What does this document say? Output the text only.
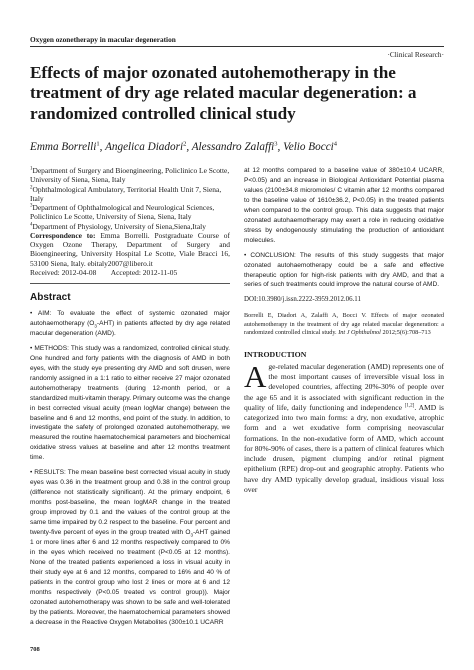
Oxygen ozonetherapy in macular degeneration
·Clinical Research·
Effects of major ozonated autohemotherapy in the treatment of dry age related macular degeneration: a randomized controlled clinical study
Emma Borrelli$^1$, Angelica Diadori$^2$, Alessandro Zalaffi$^3$, Velio Bocci$^4$

$^1$Department of Surgery and Bioengineering, Policlinico Le Scotte, University of Siena, Siena, Italy

$^2$Ophthalmological Ambulatory, Territorial Health Unit 7, Siena, Italy

$^3$Department of Ophthalmological and Neurological Sciences, Policlinico Le Scotte, University of Siena, Siena, Italy

$^4$Department of Physiology, University of Siena,Siena,Italy

Correspondence to: Emma Borrelli. Postgraduate Course of Oxygen Ozone Therapy, Department of Surgery and Bioengineering, University Hospital Le Scotte, Viale Bracci 16, 53100 Siena, Italy. ebitaly2007@libero.it

Received: 2012-04-08        Accepted: 2012-11-05

Abstract

• AIM: To evaluate the effect of systemic ozonated major autohaemotherapy $(O_3-AHT)$ in patients affected by dry age related macular degeneration (AMD).

• METHODS: This study was a randomized, controlled clinical study. One hundred and forty patients with the diagnosis of AMD in both eyes, with the study eye presenting dry AMD and soft drusen, were randomly assigned in a 1:1 ratio to either receive 27 major ozonated autohemotherapy treatments (during 12-month period, or a standardized multi-vitamin therapy. Primary outcome was the change in best corrected visual acuity (mean logMar change) between the baseline and 6 and 12 months, end point of the study. In addition, to investigate the safety of prolonged ozonated autohemotherapy, we measured the routine haematochemical parameters and biochemical oxidative stress values at baseline and after 12 months treatment time.

• RESULTS: The mean baseline best corrected visual acuity in study eyes was 0.36 in the treatment group and 0.38 in the control group (difference not statistically significant). At the primary endpoint, 6 months post-baseline, the mean logMAR change in the treated group improved by 0.1 and the values of the control group at the same time impaired by 0.2 respect to the baseline. Four percent and twenty-five percent of eyes in the group treated with $O_3$-AHT gained 1 or more lines after 6 and 12 months respectively compared to 0% in the eyes which received no treatment (P<0.05 at 12 months). None of the treated patients experienced a loss in visual acuity in their study eye at 6 and 12 months, compared to 16% and 40 % of patients in the control group who lost 2 lines or more at 6 and 12 months respectively (P<0.05 treated vs control group)). Major ozonated autohemotherapy was shown to be safe and well-tolerated by the patients. Moreover, the haematochemical parameters showed a decrease in the Reactive Oxygen Metabolites (300±10.1 UCARR

at 12 months compared to a baseline value of 380±10.4 UCARR, P<0.05) and an increase in Biological Antioxidant Potential plasma values (2100±34.8 micromoles/ C vitamin after 12 months compared to the baseline value of 1610±36.2, P<0.05) in the treated patients when compared to the control group. This data suggests that major ozonated autohaemotherapy may exert a role in reducing oxidative stress by endogenously stimulating the production of antioxidant molecules.

• CONCLUSION: The results of this study suggests that major ozonated autohaemotherapy could be a safe and effective therapeutic option for high-risk patients with dry AMD, and that a series of such treatments could improve the natural course of AMD.

DOI:10.3980/j.issn.2222-3959.2012.06.11

Borrelli E, Diadori A, Zalaffi A, Bocci V. Effects of major ozonated autohemotherapy in the treatment of dry age related macular degeneration: a randomized controlled clinical study. Int J Ophthalmol 2012;5(6):708–713

INTRODUCTION

Age-related macular degeneration (AMD) represents one of the most important causes of irreversible visual loss in developed countries, affecting 20%-30% of people over the age 65 and it is associated with significant reduction in the quality of life, daily functioning and independence [1,2]. AMD is categorized into two main forms: a dry, non exudative, atrophic form and a wet exudative form comprising neovascular formations. In the non-exudative form of AMD, which account for 80%-90% of cases, there is a pattern of clinical features which include drusen, pigment clumping and/or retinal pigment epithelium (RPE) drop-out and geographic atrophy. Patients who have dry AMD typically develop gradual, insidious visual loss over

708
